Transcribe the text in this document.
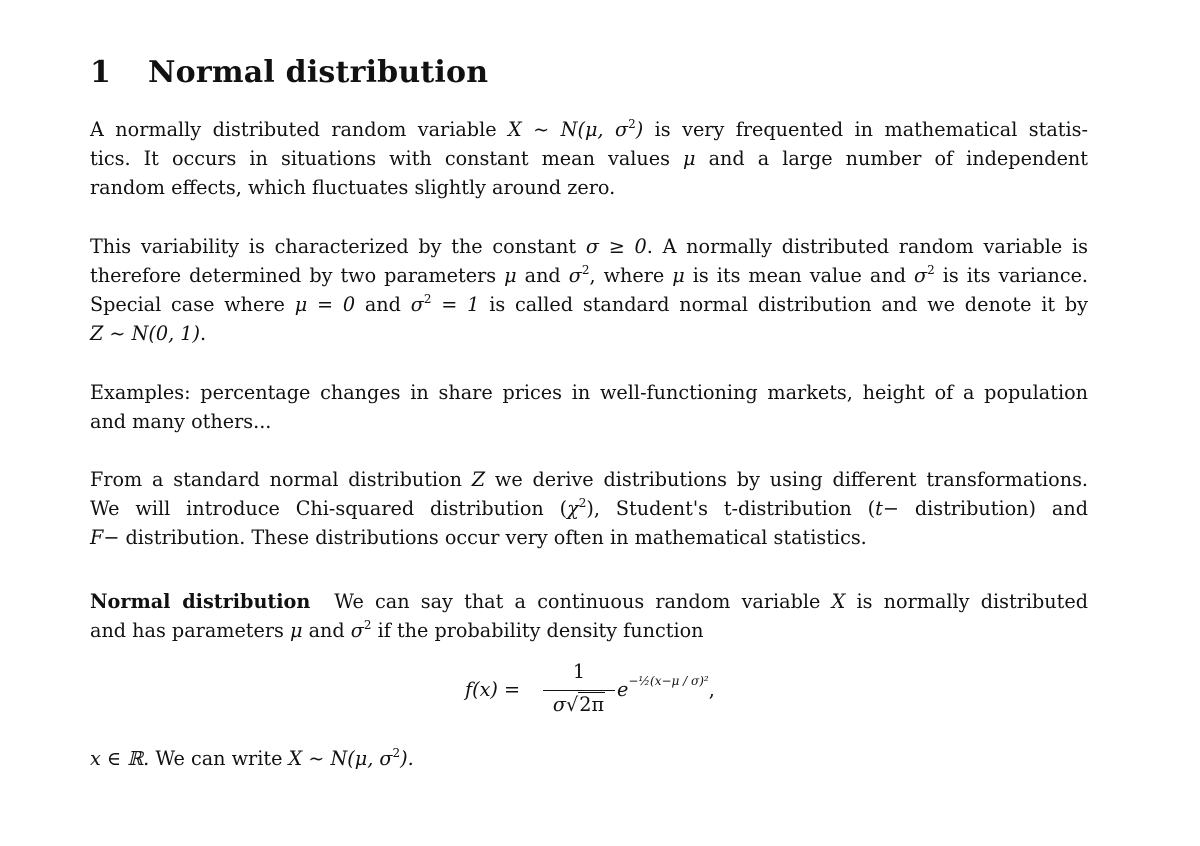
1 Normal distribution
A normally distributed random variable X ∼ N(μ, $\sigma^2$) is very frequented in mathematical statis-
tics. It occurs in situations with constant mean values μ and a large number of independent
random effects, which fluctuates slightly around zero.
This variability is characterized by the constant σ ≥ 0. A normally distributed random variable is
therefore determined by two parameters μ and $\sigma^2$, where μ is its mean value and $\sigma^2$ is its variance.
Special case where μ = 0 and $\sigma^2 = 1$ is called standard normal distribution and we denote it by
Z ∼ N(0, 1).
Examples: percentage changes in share prices in well-functioning markets, height of a population
and many others...
From a standard normal distribution Z we derive distributions by using different transformations.
We will introduce Chi-squared distribution $(\chi^2)$, Student's t-distribution (t− distribution) and
F− distribution. These distributions occur very often in mathematical statistics.
Normal distribution We can say that a continuous random variable X is normally distributed
and has parameters μ and $\sigma^2$ if the probability density function
f(x) =
1
σ√2π
$e^{-\frac{1}{2}(x-\mu / \sigma)^2}$,
x ∈ ℝ. We can write X ∼ N(μ, $\sigma^2$).
